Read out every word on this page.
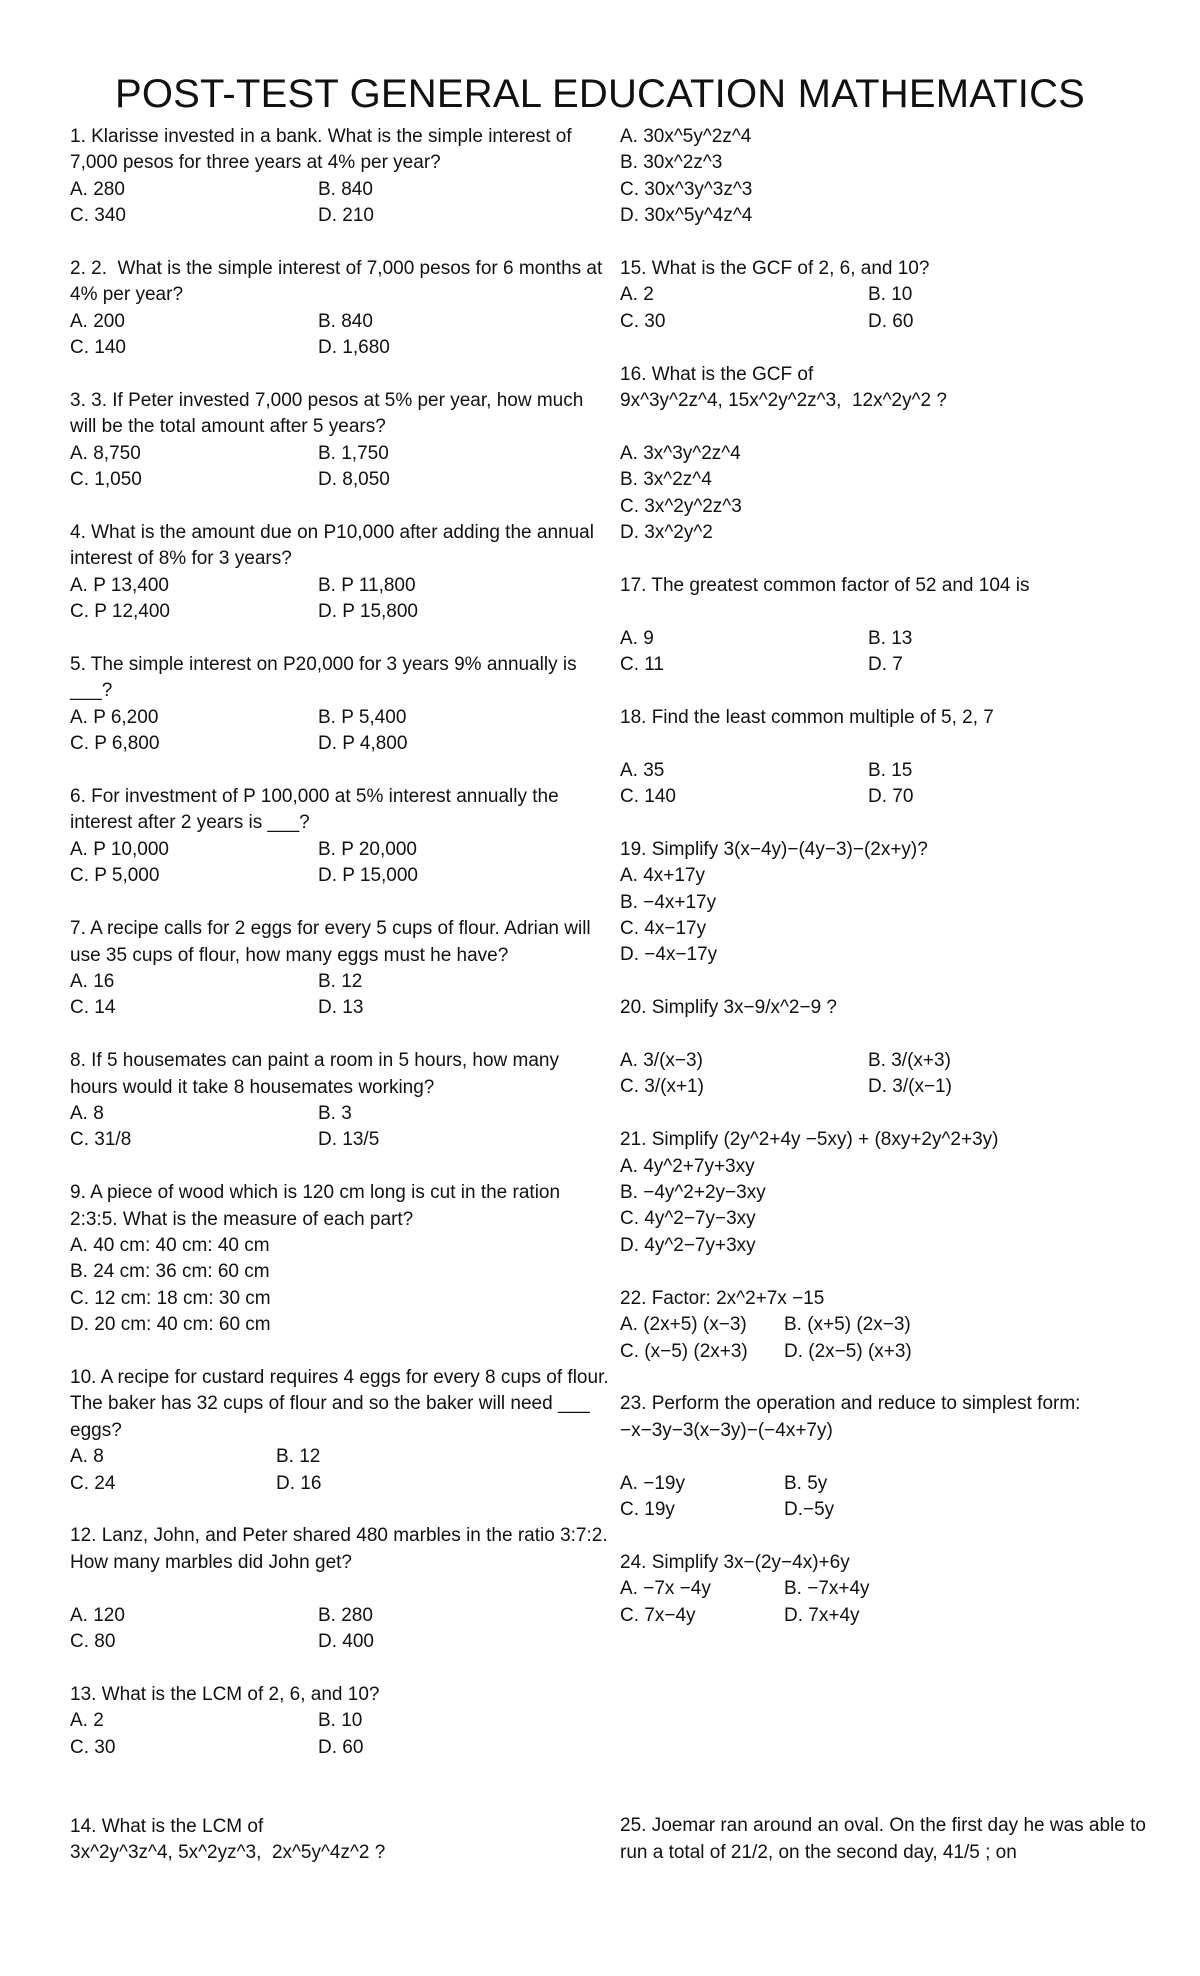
POST-TEST GENERAL EDUCATION MATHEMATICS
1. Klarisse invested in a bank. What is the simple interest of 7,000 pesos for three years at 4% per year?
A. 280	B. 840
C. 340	D. 210
2. 2.  What is the simple interest of 7,000 pesos for 6 months at 4% per year?
A. 200	B. 840
C. 140	D. 1,680
3. 3. If Peter invested 7,000 pesos at 5% per year, how much will be the total amount after 5 years?
A. 8,750	B. 1,750
C. 1,050	D. 8,050
4. What is the amount due on P10,000 after adding the annual interest of 8% for 3 years?
A. P 13,400	B. P 11,800
C. P 12,400	D. P 15,800
5. The simple interest on P20,000 for 3 years 9% annually is ___?
A. P 6,200	B. P 5,400
C. P 6,800	D. P 4,800
6. For investment of P 100,000 at 5% interest annually the interest after 2 years is ___?
A. P 10,000	B. P 20,000
C. P 5,000	D. P 15,000
7. A recipe calls for 2 eggs for every 5 cups of flour. Adrian will use 35 cups of flour, how many eggs must he have?
A. 16	B. 12
C. 14	D. 13
8. If 5 housemates can paint a room in 5 hours, how many hours would it take 8 housemates working?
A. 8	B. 3
C. 31/8	D. 13/5
9. A piece of wood which is 120 cm long is cut in the ration 2:3:5. What is the measure of each part?
A. 40 cm: 40 cm: 40 cm
B. 24 cm: 36 cm: 60 cm
C. 12 cm: 18 cm: 30 cm
D. 20 cm: 40 cm: 60 cm
10. A recipe for custard requires 4 eggs for every 8 cups of flour. The baker has 32 cups of flour and so the baker will need ___ eggs?
A. 8	B. 12
C. 24	D. 16
12. Lanz, John, and Peter shared 480 marbles in the ratio 3:7:2. How many marbles did John get?
A. 120	B. 280
C. 80	D. 400
13. What is the LCM of 2, 6, and 10?
A. 2	B. 10
C. 30	D. 60
14. What is the LCM of
3x^2y^3z^4, 5x^2yz^3,  2x^5y^4z^2 ?
A. 30x^5y^2z^4
B. 30x^2z^3
C. 30x^3y^3z^3
D. 30x^5y^4z^4
15. What is the GCF of 2, 6, and 10?
A. 2	B. 10
C. 30	D. 60
16. What is the GCF of
9x^3y^2z^4, 15x^2y^2z^3,  12x^2y^2 ?
A. 3x^3y^2z^4
B. 3x^2z^4
C. 3x^2y^2z^3
D. 3x^2y^2
17. The greatest common factor of 52 and 104 is
A. 9	B. 13
C. 11	D. 7
18. Find the least common multiple of 5, 2, 7
A. 35	B. 15
C. 140	D. 70
19. Simplify 3(x−4y)−(4y−3)−(2x+y)?
A. 4x+17y
B. −4x+17y
C. 4x−17y
D. −4x−17y
20. Simplify 3x−9/x^2−9 ?
A. 3/(x−3)	B. 3/(x+3)
C. 3/(x+1)	D. 3/(x−1)
21. Simplify (2y^2+4y −5xy) + (8xy+2y^2+3y)
A. 4y^2+7y+3xy
B. −4y^2+2y−3xy
C. 4y^2−7y−3xy
D. 4y^2−7y+3xy
22. Factor: 2x^2+7x −15
A. (2x+5) (x−3)	B. (x+5) (2x−3)
C. (x−5) (2x+3)	D. (2x−5) (x+3)
23. Perform the operation and reduce to simplest form: −x−3y−3(x−3y)−(−4x+7y)
A. −19y	B. 5y
C. 19y	D.−5y
24. Simplify 3x−(2y−4x)+6y
A. −7x −4y	B. −7x+4y
C. 7x−4y	D. 7x+4y
25. Joemar ran around an oval. On the first day he was able to run a total of 21/2, on the second day, 41/5 ; on
